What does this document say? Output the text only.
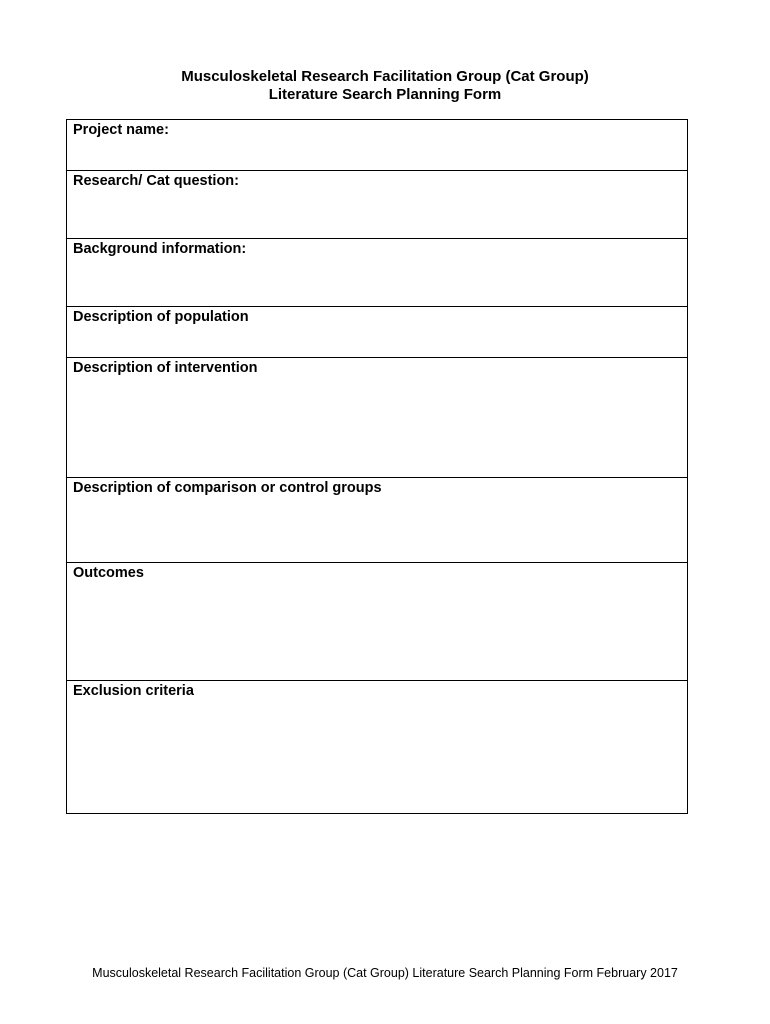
Musculoskeletal Research Facilitation Group (Cat Group)
Literature Search Planning Form
Project name:
Research/ Cat question:
Background information:
Description of population
Description of intervention
Description of comparison or control groups
Outcomes
Exclusion criteria
Musculoskeletal Research Facilitation Group (Cat Group) Literature Search Planning Form February 2017
